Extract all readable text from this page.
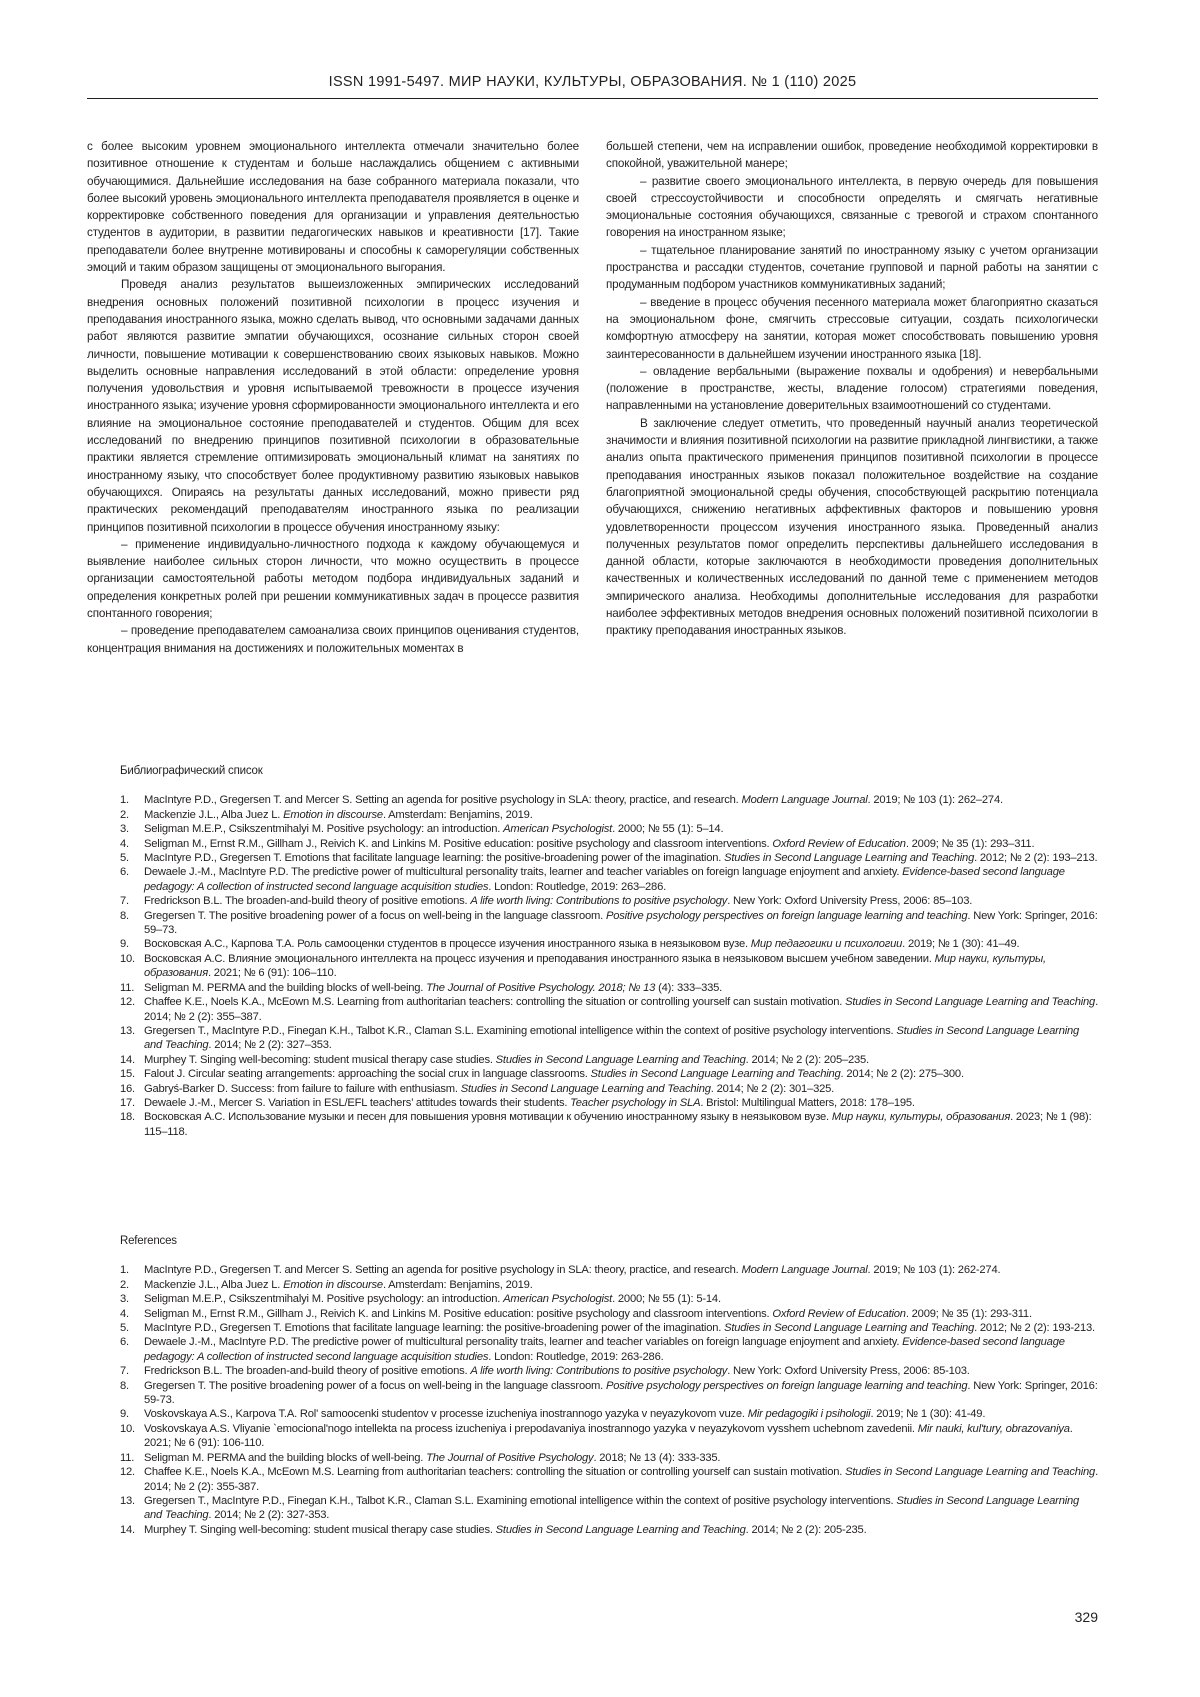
ISSN 1991-5497. МИР НАУКИ, КУЛЬТУРЫ, ОБРАЗОВАНИЯ. № 1 (110) 2025

с более высоким уровнем эмоционального интеллекта отмечали значительно более позитивное отношение к студентам и больше наслаждались общением с активными обучающимися. Дальнейшие исследования на базе собранного материала показали, что более высокий уровень эмоционального интеллекта преподавателя проявляется в оценке и корректировке собственного поведения для организации и управления деятельностью студентов в аудитории, в развитии педагогических навыков и креативности [17]. Такие преподаватели более внутренне мотивированы и способны к саморегуляции собственных эмоций и таким образом защищены от эмоционального выгорания.

Проведя анализ результатов вышеизложенных эмпирических исследований внедрения основных положений позитивной психологии в процесс изучения и преподавания иностранного языка, можно сделать вывод, что основными задачами данных работ являются развитие эмпатии обучающихся, осознание сильных сторон своей личности, повышение мотивации к совершенствованию своих языковых навыков. Можно выделить основные направления исследований в этой области: определение уровня получения удовольствия и уровня испытываемой тревожности в процессе изучения иностранного языка; изучение уровня сформированности эмоционального интеллекта и его влияние на эмоциональное состояние преподавателей и студентов. Общим для всех исследований по внедрению принципов позитивной психологии в образовательные практики является стремление оптимизировать эмоциональный климат на занятиях по иностранному языку, что способствует более продуктивному развитию языковых навыков обучающихся. Опираясь на результаты данных исследований, можно привести ряд практических рекомендаций преподавателям иностранного языка по реализации принципов позитивной психологии в процессе обучения иностранному языку:

– применение индивидуально-личностного подхода к каждому обучающемуся и выявление наиболее сильных сторон личности, что можно осуществить в процессе организации самостоятельной работы методом подбора индивидуальных заданий и определения конкретных ролей при решении коммуникативных задач в процессе развития спонтанного говорения;

– проведение преподавателем самоанализа своих принципов оценивания студентов, концентрация внимания на достижениях и положительных моментах в

большей степени, чем на исправлении ошибок, проведение необходимой корректировки в спокойной, уважительной манере;

– развитие своего эмоционального интеллекта, в первую очередь для повышения своей стрессоустойчивости и способности определять и смягчать негативные эмоциональные состояния обучающихся, связанные с тревогой и страхом спонтанного говорения на иностранном языке;

– тщательное планирование занятий по иностранному языку с учетом организации пространства и рассадки студентов, сочетание групповой и парной работы на занятии с продуманным подбором участников коммуникативных заданий;

– введение в процесс обучения песенного материала может благоприятно сказаться на эмоциональном фоне, смягчить стрессовые ситуации, создать психологически комфортную атмосферу на занятии, которая может способствовать повышению уровня заинтересованности в дальнейшем изучении иностранного языка [18].

– овладение вербальными (выражение похвалы и одобрения) и невербальными (положение в пространстве, жесты, владение голосом) стратегиями поведения, направленными на установление доверительных взаимоотношений со студентами.

В заключение следует отметить, что проведенный научный анализ теоретической значимости и влияния позитивной психологии на развитие прикладной лингвистики, а также анализ опыта практического применения принципов позитивной психологии в процессе преподавания иностранных языков показал положительное воздействие на создание благоприятной эмоциональной среды обучения, способствующей раскрытию потенциала обучающихся, снижению негативных аффективных факторов и повышению уровня удовлетворенности процессом изучения иностранного языка. Проведенный анализ полученных результатов помог определить перспективы дальнейшего исследования в данной области, которые заключаются в необходимости проведения дополнительных качественных и количественных исследований по данной теме с применением методов эмпирического анализа. Необходимы дополнительные исследования для разработки наиболее эффективных методов внедрения основных положений позитивной психологии в практику преподавания иностранных языков.

Библиографический список
1.	MacIntyre P.D., Gregersen T. and Mercer S. Setting an agenda for positive psychology in SLA: theory, practice, and research. Modern Language Journal. 2019; № 103 (1): 262–274.
2.	Mackenzie J.L., Alba Juez L. Emotion in discourse. Amsterdam: Benjamins, 2019.
3.	Seligman M.E.P., Csikszentmihalyi M. Positive psychology: an introduction. American Psychologist. 2000; № 55 (1): 5–14.
4.	Seligman M., Ernst R.M., Gillham J., Reivich K. and Linkins M. Positive education: positive psychology and classroom interventions. Oxford Review of Education. 2009; № 35 (1): 293–311.
5.	MacIntyre P.D., Gregersen T. Emotions that facilitate language learning: the positive-broadening power of the imagination. Studies in Second Language Learning and Teaching. 2012; № 2 (2): 193–213.
6.	Dewaele J.-M., MacIntyre P.D. The predictive power of multicultural personality traits, learner and teacher variables on foreign language enjoyment and anxiety. Evidence-based second language pedagogy: A collection of instructed second language acquisition studies. London: Routledge, 2019: 263–286.
7.	Fredrickson B.L. The broaden-and-build theory of positive emotions. A life worth living: Contributions to positive psychology. New York: Oxford University Press, 2006: 85–103.
8.	Gregersen T. The positive broadening power of a focus on well-being in the language classroom. Positive psychology perspectives on foreign language learning and teaching. New York: Springer, 2016: 59–73.
9.	Восковская А.С., Карпова Т.А. Роль самооценки студентов в процессе изучения иностранного языка в неязыковом вузе. Мир педагогики и психологии. 2019; № 1 (30): 41–49.
10. Восковская А.С. Влияние эмоционального интеллекта на процесс изучения и преподавания иностранного языка в неязыковом высшем учебном заведении. Мир науки, культуры, образования. 2021; № 6 (91): 106–110.
11. Seligman M. PERMA and the building blocks of well-being. The Journal of Positive Psychology. 2018; № 13 (4): 333–335.
12. Chaffee K.E., Noels K.A., McEown M.S. Learning from authoritarian teachers: controlling the situation or controlling yourself can sustain motivation. Studies in Second Language Learning and Teaching. 2014; № 2 (2): 355–387.
13. Gregersen T., MacIntyre P.D., Finegan K.H., Talbot K.R., Claman S.L. Examining emotional intelligence within the context of positive psychology interventions. Studies in Second Language Learning and Teaching. 2014; № 2 (2): 327–353.
14. Murphey T. Singing well-becoming: student musical therapy case studies. Studies in Second Language Learning and Teaching. 2014; № 2 (2): 205–235.
15. Falout J. Circular seating arrangements: approaching the social crux in language classrooms. Studies in Second Language Learning and Teaching. 2014; № 2 (2): 275–300.
16. Gabryś-Barker D. Success: from failure to failure with enthusiasm. Studies in Second Language Learning and Teaching. 2014; № 2 (2): 301–325.
17. Dewaele J.-M., Mercer S. Variation in ESL/EFL teachers’ attitudes towards their students. Teacher psychology in SLA. Bristol: Multilingual Matters, 2018: 178–195.
18. Восковская А.С. Использование музыки и песен для повышения уровня мотивации к обучению иностранному языку в неязыковом вузе. Мир науки, культуры, образования. 2023; № 1 (98): 115–118.
References
1.	MacIntyre P.D., Gregersen T. and Mercer S. Setting an agenda for positive psychology in SLA: theory, practice, and research. Modern Language Journal. 2019; № 103 (1): 262-274.
2.	Mackenzie J.L., Alba Juez L. Emotion in discourse. Amsterdam: Benjamins, 2019.
3.	Seligman M.E.P., Csikszentmihalyi M. Positive psychology: an introduction. American Psychologist. 2000; № 55 (1): 5-14.
4.	Seligman M., Ernst R.M., Gillham J., Reivich K. and Linkins M. Positive education: positive psychology and classroom interventions. Oxford Review of Education. 2009; № 35 (1): 293-311.
5.	MacIntyre P.D., Gregersen T. Emotions that facilitate language learning: the positive-broadening power of the imagination. Studies in Second Language Learning and Teaching. 2012; № 2 (2): 193-213.
6.	Dewaele J.-M., MacIntyre P.D. The predictive power of multicultural personality traits, learner and teacher variables on foreign language enjoyment and anxiety. Evidence-based second language pedagogy: A collection of instructed second language acquisition studies. London: Routledge, 2019: 263-286.
7.	Fredrickson B.L. The broaden-and-build theory of positive emotions. A life worth living: Contributions to positive psychology. New York: Oxford University Press, 2006: 85-103.
8.	Gregersen T. The positive broadening power of a focus on well-being in the language classroom. Positive psychology perspectives on foreign language learning and teaching. New York: Springer, 2016: 59-73.
9.	Voskovskaya A.S., Karpova T.A. Rol' samoocenki studentov v processe izucheniya inostrannogo yazyka v neyazykovom vuze. Mir pedagogiki i psihologii. 2019; № 1 (30): 41-49.
10. Voskovskaya A.S. Vliyanie `emocional'nogo intellekta na process izucheniya i prepodavaniya inostrannogo yazyka v neyazykovom vysshem uchebnom zavedenii. Mir nauki, kul'tury, obrazovaniya. 2021; № 6 (91): 106-110.
11. Seligman M. PERMA and the building blocks of well-being. The Journal of Positive Psychology. 2018; № 13 (4): 333-335.
12. Chaffee K.E., Noels K.A., McEown M.S. Learning from authoritarian teachers: controlling the situation or controlling yourself can sustain motivation. Studies in Second Language Learning and Teaching. 2014; № 2 (2): 355-387.
13. Gregersen T., MacIntyre P.D., Finegan K.H., Talbot K.R., Claman S.L. Examining emotional intelligence within the context of positive psychology interventions. Studies in Second Language Learning and Teaching. 2014; № 2 (2): 327-353.
14. Murphey T. Singing well-becoming: student musical therapy case studies. Studies in Second Language Learning and Teaching. 2014; № 2 (2): 205-235.
329
